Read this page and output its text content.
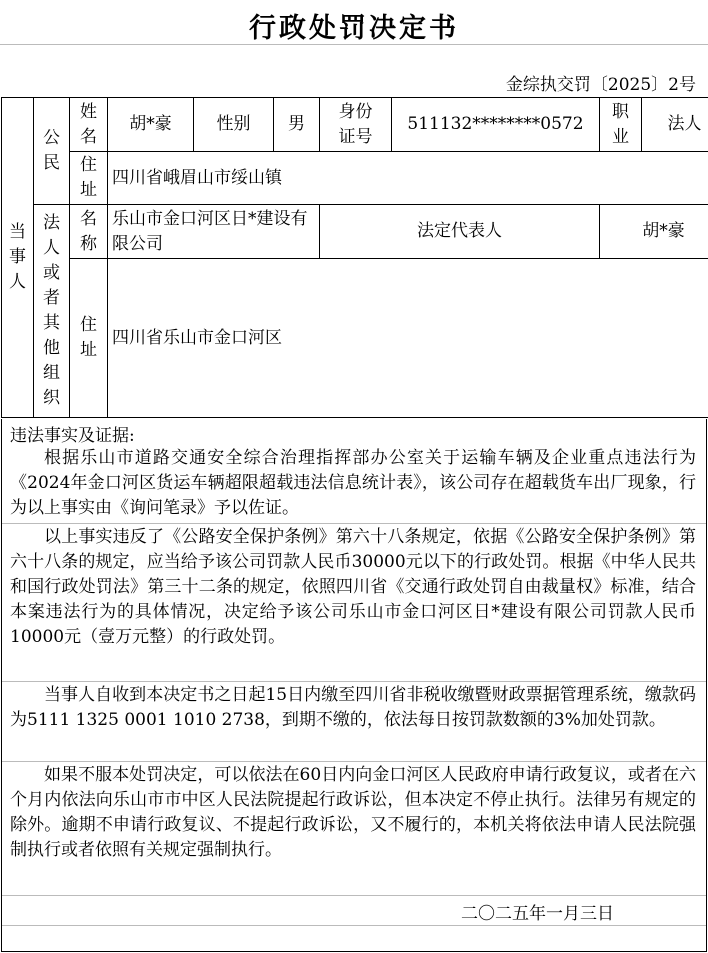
行政处罚决定书
金综执交罚〔2025〕2号
当事人	公民	姓名	胡*豪	性别	男	身份证号	511132********0572	职业	法人

		住址	四川省峨眉山市绥山镇						

	法人或者其他组织	名称	乐山市金口河区日*建设有限公司			法定代表人		胡*豪	

		住址	四川省乐山市金口河区						
违法事实及证据:
根据乐山市道路交通安全综合治理指挥部办公室关于运输车辆及企业重点违法行为《2024年金口河区货运车辆超限超载违法信息统计表》，该公司存在超载货车出厂现象，行为以上事实由《询问笔录》予以佐证。
以上事实违反了《公路安全保护条例》第六十八条规定，依据《公路安全保护条例》第六十八条的规定，应当给予该公司罚款人民币30000元以下的行政处罚。根据《中华人民共和国行政处罚法》第三十二条的规定，依照四川省《交通行政处罚自由裁量权》标准，结合本案违法行为的具体情况，决定给予该公司乐山市金口河区日*建设有限公司罚款人民币10000元（壹万元整）的行政处罚。
当事人自收到本决定书之日起15日内缴至四川省非税收缴暨财政票据管理系统，缴款码为5111 1325 0001 1010 2738，到期不缴的，依法每日按罚款数额的3%加处罚款。
如果不服本处罚决定，可以依法在60日内向金口河区人民政府申请行政复议，或者在六个月内依法向乐山市市中区人民法院提起行政诉讼，但本决定不停止执行。法律另有规定的除外。逾期不申请行政复议、不提起行政诉讼，又不履行的，本机关将依法申请人民法院强制执行或者依照有关规定强制执行。
二〇二五年一月三日
